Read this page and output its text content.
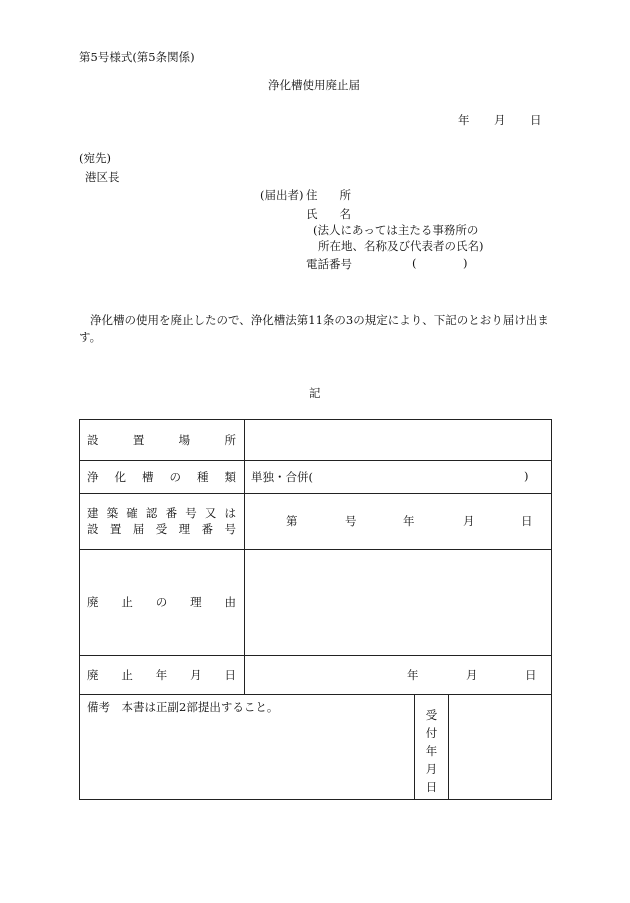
第5号様式(第5条関係)
浄化槽使用廃止届
年 月 日
(宛先)
港区長
(届出者) 住 所
氏 名
(法人にあっては主たる事務所の
所在地、名称及び代表者の氏名)
電話番号	(	)
浄化槽の使用を廃止したので、浄化槽法第11条の3の規定により、下記のとおり届け出ま
す。
記
設	置	場	所
浄 化 槽 の 種 類 単独・合併(	)
建 築 確 認 番 号 又 は
設 置 届 受 理 番 号
第	号	年	月	日
廃 止 の 理 由
廃 止 年 月 日	年	月	日
備考　本書は正副2部提出すること。
受
付
年
月
日
